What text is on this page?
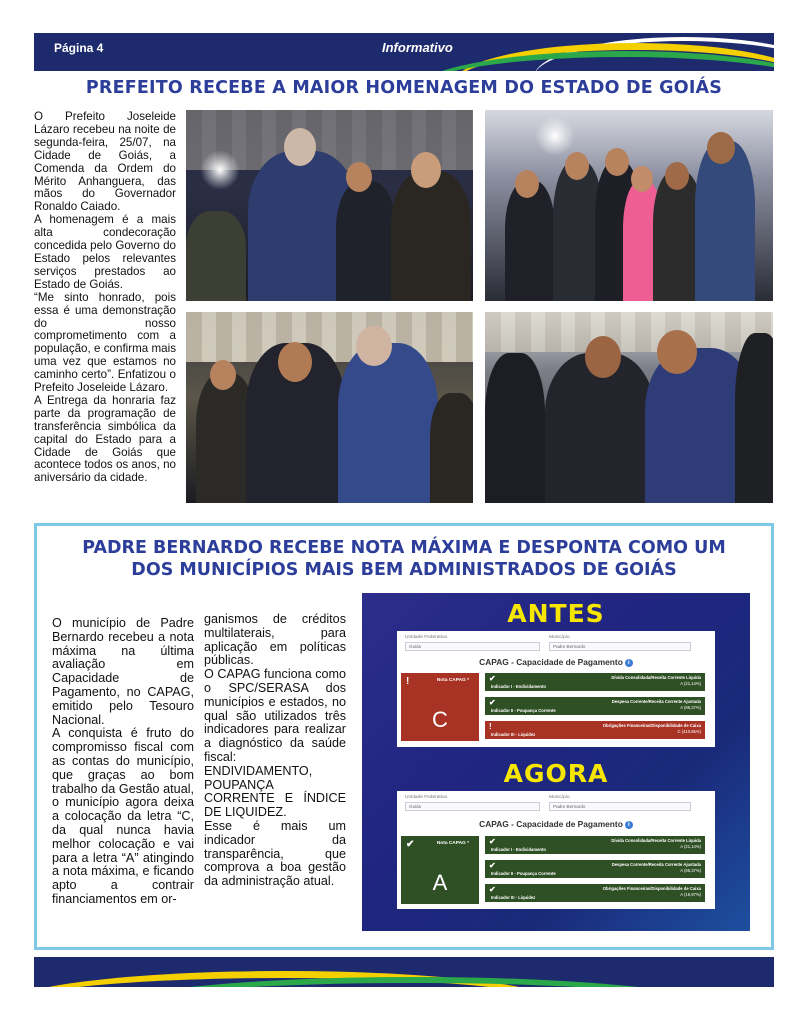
Página 4	Informativo
PREFEITO RECEBE A MAIOR HOMENAGEM DO ESTADO DE GOIÁS

O Prefeito Joseleide Lázaro recebeu na noite de segunda-feira, 25/07, na Cidade de Goiás, a Comenda da Ordem do Mérito Anhanguera, das mãos do Governador Ronaldo Caiado.

A homenagem é a mais alta condecoração concedida pelo Governo do Estado pelos relevantes serviços prestados ao Estado de Goiás.

“Me sinto honrado, pois essa é uma demonstração do nosso comprometimento com a população, e confirma mais uma vez que estamos no caminho certo”. Enfatizou o Prefeito Joseleide Lázaro.

A Entrega da honraria faz parte da programação de transferência simbólica da capital do Estado para a Cidade de Goiás que acontece todos os anos, no aniversário da cidade.

PADRE BERNARDO RECEBE NOTA MÁXIMA E DESPONTA COMO UM
DOS MUNICÍPIOS MAIS BEM ADMINISTRADOS DE GOIÁS

O município de Padre Bernardo recebeu a nota máxima na última avaliação em Capacidade de Pagamento, no CAPAG, emitido pelo Tesouro Nacional.

A conquista é fruto do compromisso fiscal com as contas do município, que graças ao bom trabalho da Gestão atual, o município agora deixa a colocação da letra “C, da qual nunca havia melhor colocação e vai para a letra “A” atingindo a nota máxima, e ficando apto a contrair financiamentos em or-

ganismos de créditos multilaterais, para aplicação em políticas públicas.

O CAPAG funciona como o SPC/SERASA dos municípios e estados, no qual são utilizados três indicadores para realizar a diagnóstico da saúde fiscal: ENDIVIDAMENTO, POUPANÇA CORRENTE E ÍNDICE DE LIQUIDEZ.

Esse é mais um indicador da transparência, que comprova a boa gestão da administração atual.

ANTES
Unidade Federativa
Goiás
Município
Padre Bernardo
CAPAG - Capacidade de Pagamento i
!	Nota CAPAG *
C
✔
Indicador I - Endividamento
Dívida Consolidada/Receita Corrente Líquida
A (21,14%)
✔
Indicador II - Poupança Corrente
Despesa Corrente/Receita Corrente Ajustada
A (86,37%)
!
Indicador III - Liquidez
Obrigações Financeiras/Disponibilidade de Caixa
C (410,65%)
AGORA
Unidade Federativa
Goiás
Município
Padre Bernardo
CAPAG - Capacidade de Pagamento i
✔	Nota CAPAG *
A
✔
Indicador I - Endividamento
Dívida Consolidada/Receita Corrente Líquida
A (21,14%)
✔
Indicador II - Poupança Corrente
Despesa Corrente/Receita Corrente Ajustada
A (86,37%)
✔
Indicador III - Liquidez
Obrigações Financeiras/Disponibilidade de Caixa
A (16,97%)
